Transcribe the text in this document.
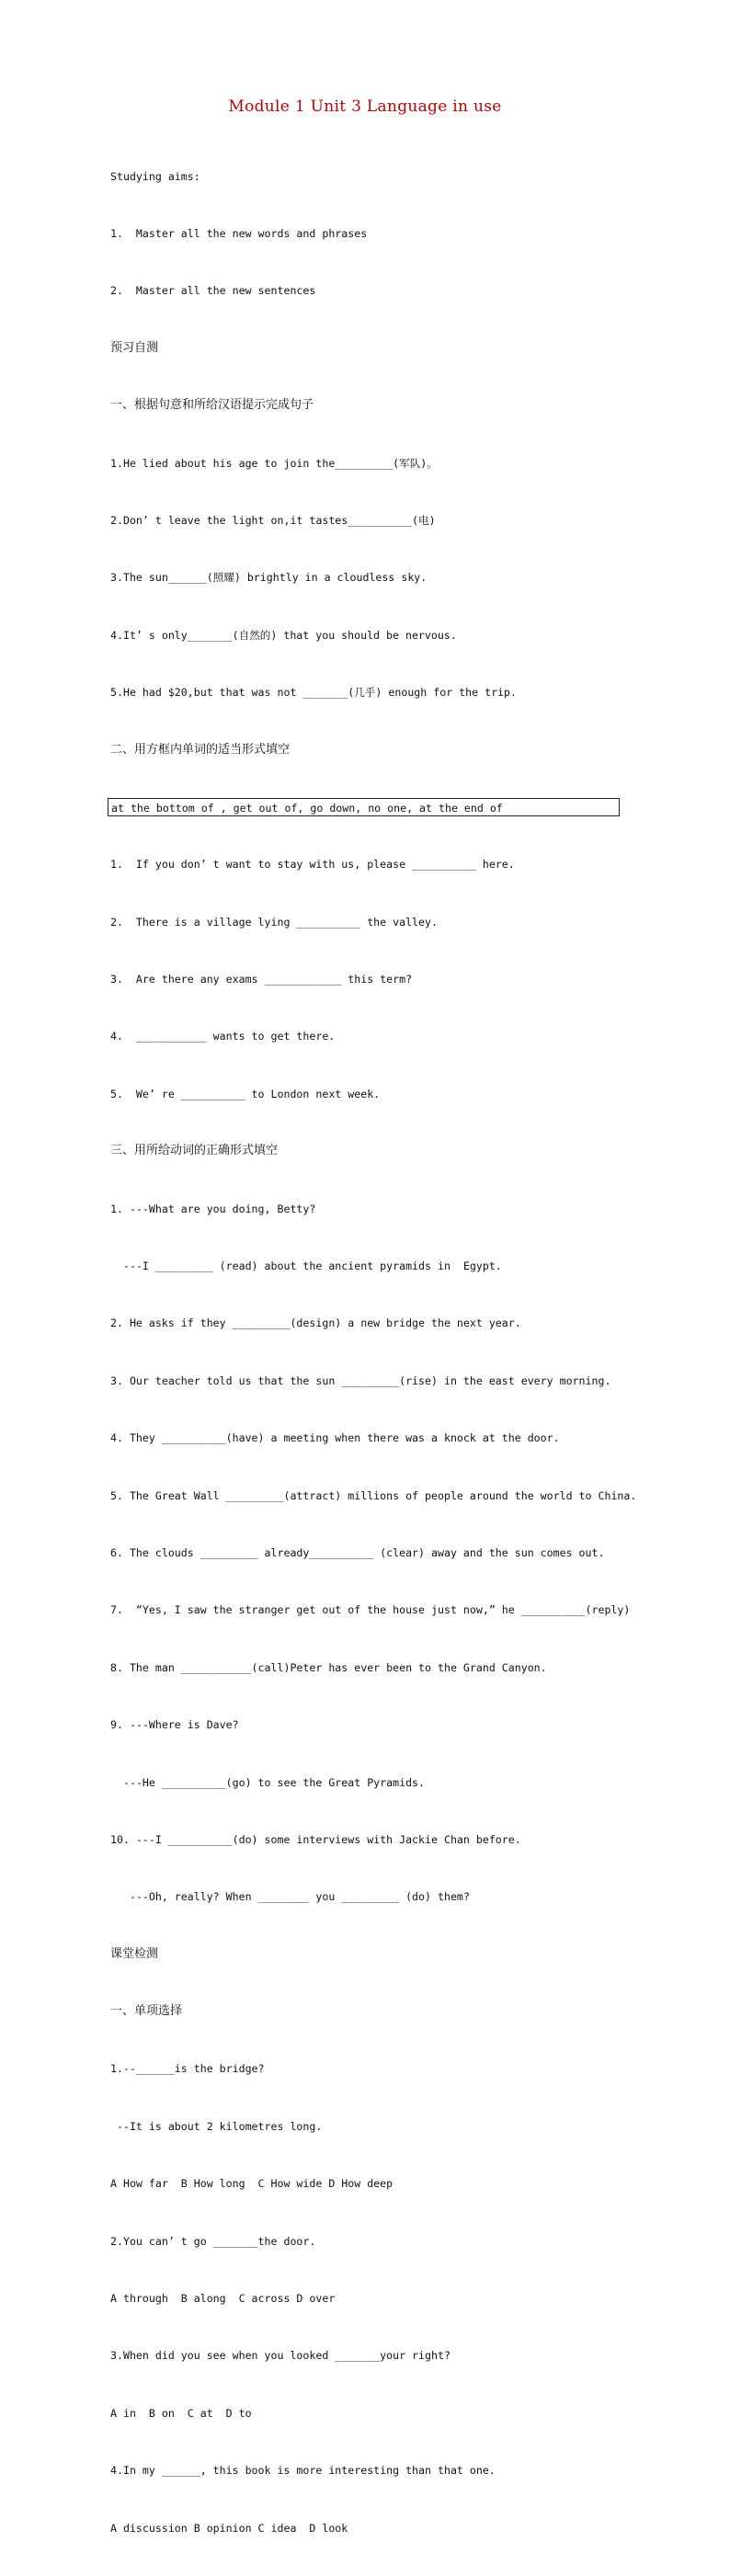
Module 1 Unit 3 Language in use

Studying aims:

1.  Master all the new words and phrases

2.  Master all the new sentences

预习自测

一、根据句意和所给汉语提示完成句子

1.He lied about his age to join the_________(军队)。

2.Don’ t leave the light on,it tastes__________(电)

3.The sun______(照耀) brightly in a cloudless sky.

4.It’ s only_______(自然的) that you should be nervous.

5.He had $20,but that was not _______(几乎) enough for the trip.

二、用方框内单词的适当形式填空

at the bottom of , get out of, go down, no one, at the end of

1.  If you don’ t want to stay with us, please __________ here.

2.  There is a village lying __________ the valley.

3.  Are there any exams ____________ this term?

4.  ___________ wants to get there.

5.  We’ re __________ to London next week.

三、用所给动词的正确形式填空

1. ---What are you doing, Betty?

---I _________ (read) about the ancient pyramids in  Egypt.

2. He asks if they _________(design) a new bridge the next year.

3. Our teacher told us that the sun _________(rise) in the east every morning.

4. They __________(have) a meeting when there was a knock at the door.

5. The Great Wall _________(attract) millions of people around the world to China.

6. The clouds _________ already__________ (clear) away and the sun comes out.

7.  “Yes, I saw the stranger get out of the house just now,” he __________(reply)

8. The man ___________(call)Peter has ever been to the Grand Canyon.

9. ---Where is Dave?

---He __________(go) to see the Great Pyramids.

10. ---I __________(do) some interviews with Jackie Chan before.

---Oh, really? When ________ you _________ (do) them?

课堂检测

一、单项选择

1.--______is the bridge?

--It is about 2 kilometres long.

A How far  B How long  C How wide D How deep

2.You can’ t go _______the door.

A through  B along  C across D over

3.When did you see when you looked _______your right?

A in  B on  C at  D to

4.In my ______, this book is more interesting than that one.

A discussion B opinion C idea  D look
